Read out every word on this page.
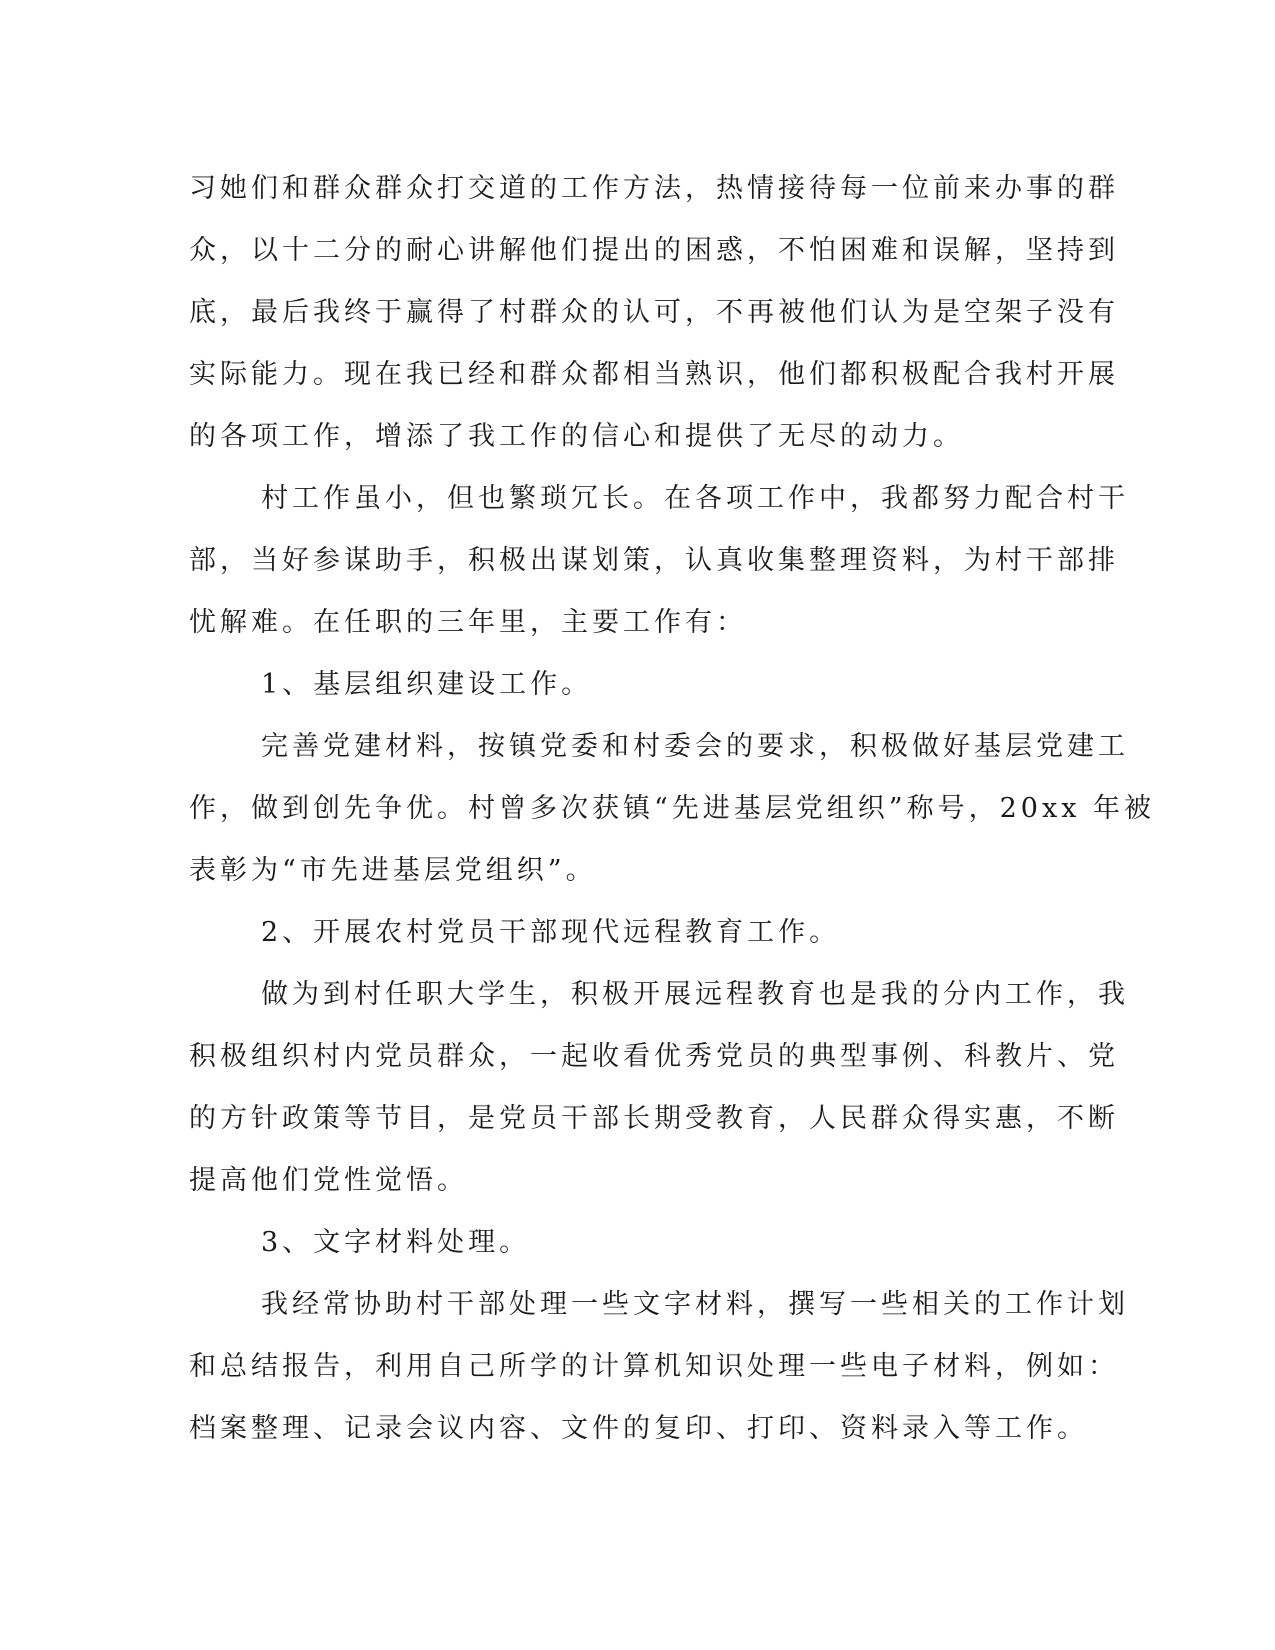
习她们和群众群众打交道的工作方法，热情接待每一位前来办事的群
众，以十二分的耐心讲解他们提出的困惑，不怕困难和误解，坚持到
底，最后我终于赢得了村群众的认可，不再被他们认为是空架子没有
实际能力。现在我已经和群众都相当熟识，他们都积极配合我村开展
的各项工作，增添了我工作的信心和提供了无尽的动力。
村工作虽小，但也繁琐冗长。在各项工作中，我都努力配合村干
部，当好参谋助手，积极出谋划策，认真收集整理资料，为村干部排
忧解难。在任职的三年里，主要工作有：
1、基层组织建设工作。
完善党建材料，按镇党委和村委会的要求，积极做好基层党建工
作，做到创先争优。村曾多次获镇“先进基层党组织”称号，20xx 年被
表彰为“市先进基层党组织”。
2、开展农村党员干部现代远程教育工作。
做为到村任职大学生，积极开展远程教育也是我的分内工作，我
积极组织村内党员群众，一起收看优秀党员的典型事例、科教片、党
的方针政策等节目，是党员干部长期受教育，人民群众得实惠，不断
提高他们党性觉悟。
3、文字材料处理。
我经常协助村干部处理一些文字材料，撰写一些相关的工作计划
和总结报告，利用自己所学的计算机知识处理一些电子材料，例如：
档案整理、记录会议内容、文件的复印、打印、资料录入等工作。
